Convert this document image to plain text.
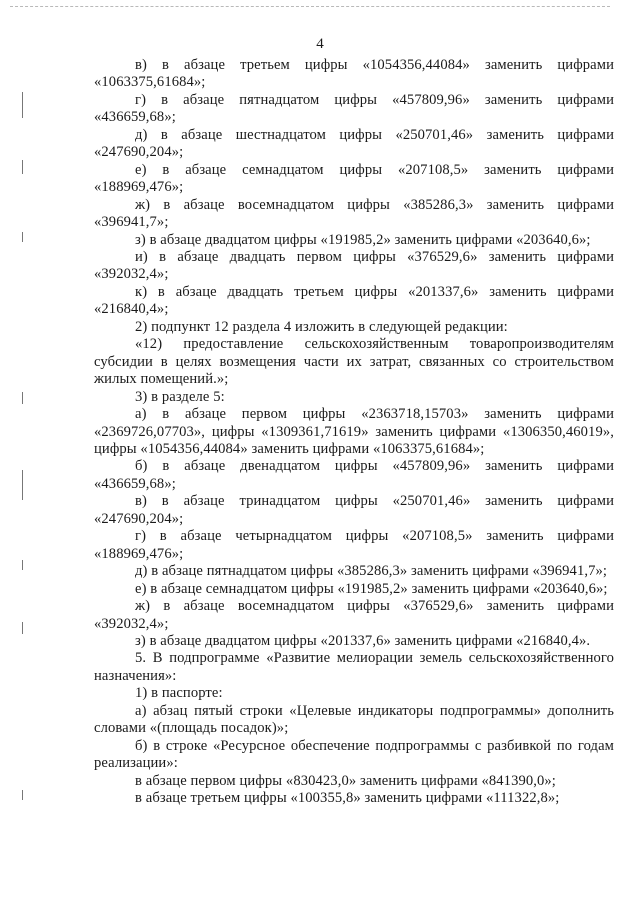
4

в) в абзаце третьем цифры «1054356,44084» заменить цифрами «1063375,61684»;

г) в абзаце пятнадцатом цифры «457809,96» заменить цифрами «436659,68»;

д) в абзаце шестнадцатом цифры «250701,46» заменить цифрами «247690,204»;

е) в абзаце семнадцатом цифры «207108,5» заменить цифрами «188969,476»;

ж) в абзаце восемнадцатом цифры «385286,3» заменить цифрами «396941,7»;

з) в абзаце двадцатом цифры «191985,2» заменить цифрами «203640,6»;

и) в абзаце двадцать первом цифры «376529,6» заменить цифрами «392032,4»;

к) в абзаце двадцать третьем цифры «201337,6» заменить цифрами «216840,4»;

2) подпункт 12 раздела 4 изложить в следующей редакции:

«12) предоставление сельскохозяйственным товаропроизводителям субсидии в целях возмещения части их затрат, связанных со строительством жилых помещений.»;

3) в разделе 5:

а) в абзаце первом цифры «2363718,15703» заменить цифрами «2369726,07703», цифры «1309361,71619» заменить цифрами «1306350,46019», цифры «1054356,44084» заменить цифрами «1063375,61684»;

б) в абзаце двенадцатом цифры «457809,96» заменить цифрами «436659,68»;

в) в абзаце тринадцатом цифры «250701,46» заменить цифрами «247690,204»;

г) в абзаце четырнадцатом цифры «207108,5» заменить цифрами «188969,476»;

д) в абзаце пятнадцатом цифры «385286,3» заменить цифрами «396941,7»;

е) в абзаце семнадцатом цифры «191985,2» заменить цифрами «203640,6»;

ж) в абзаце восемнадцатом цифры «376529,6» заменить цифрами «392032,4»;

з) в абзаце двадцатом цифры «201337,6» заменить цифрами «216840,4».

5. В подпрограмме «Развитие мелиорации земель сельскохозяйственного назначения»:

1) в паспорте:

а) абзац пятый строки «Целевые индикаторы подпрограммы» дополнить словами «(площадь посадок)»;

б) в строке «Ресурсное обеспечение подпрограммы с разбивкой по годам реализации»:

в абзаце первом цифры «830423,0» заменить цифрами «841390,0»;

в абзаце третьем цифры «100355,8» заменить цифрами «111322,8»;
